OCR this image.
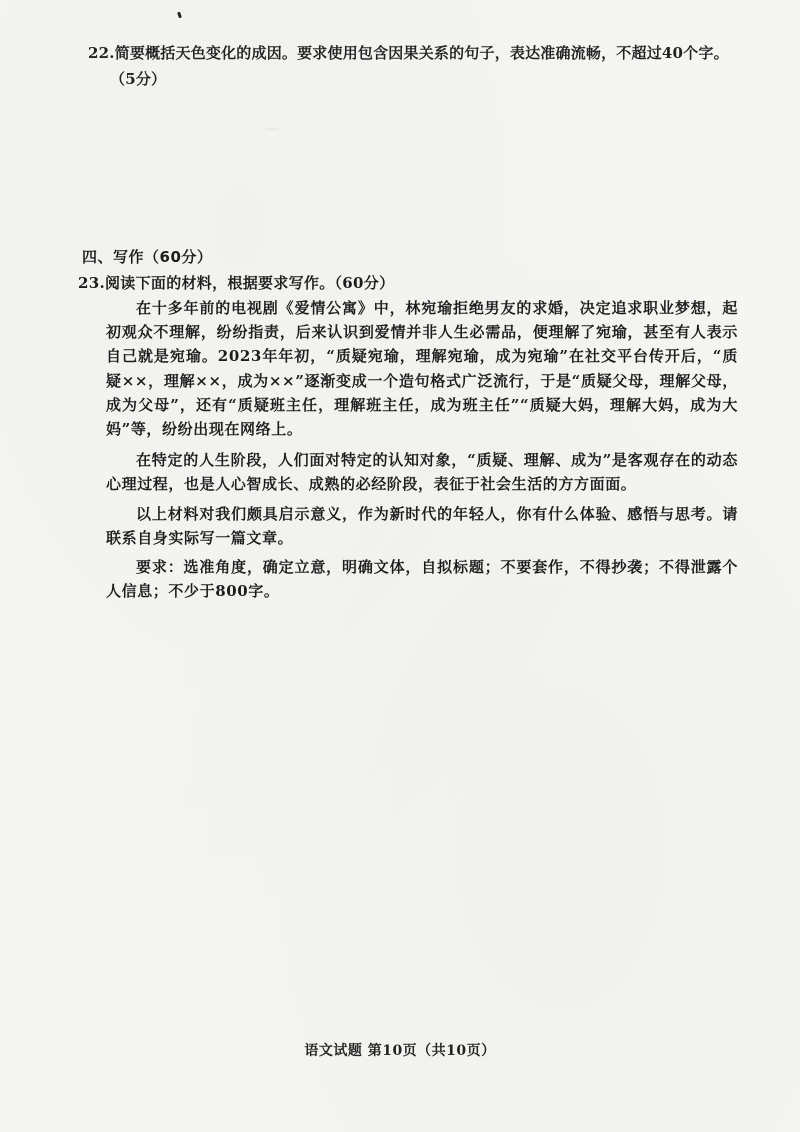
　　　　　　　—　　　　　　　　　　　　

22.简要概括天色变化的成因。要求使用包含因果关系的句子，表达准确流畅，不超过40个字。
（5分）
四、写作（60分）
23.阅读下面的材料，根据要求写作。（60分）

在十多年前的电视剧《爱情公寓》中，林宛瑜拒绝男友的求婚，决定追求职业梦想，起初观众不理解，纷纷指责，后来认识到爱情并非人生必需品，便理解了宛瑜，甚至有人表示自己就是宛瑜。2023年年初，“质疑宛瑜，理解宛瑜，成为宛瑜”在社交平台传开后，“质疑××，理解××，成为××”逐渐变成一个造句格式广泛流行，于是“质疑父母，理解父母，成为父母”，还有“质疑班主任，理解班主任，成为班主任”“质疑大妈，理解大妈，成为大妈”等，纷纷出现在网络上。

在特定的人生阶段，人们面对特定的认知对象，“质疑、理解、成为”是客观存在的动态心理过程，也是人心智成长、成熟的必经阶段，表征于社会生活的方方面面。

以上材料对我们颇具启示意义，作为新时代的年轻人，你有什么体验、感悟与思考。请联系自身实际写一篇文章。

要求：选准角度，确定立意，明确文体，自拟标题；不要套作，不得抄袭；不得泄露个人信息；不少于800字。

语文试题 第10页（共10页）
